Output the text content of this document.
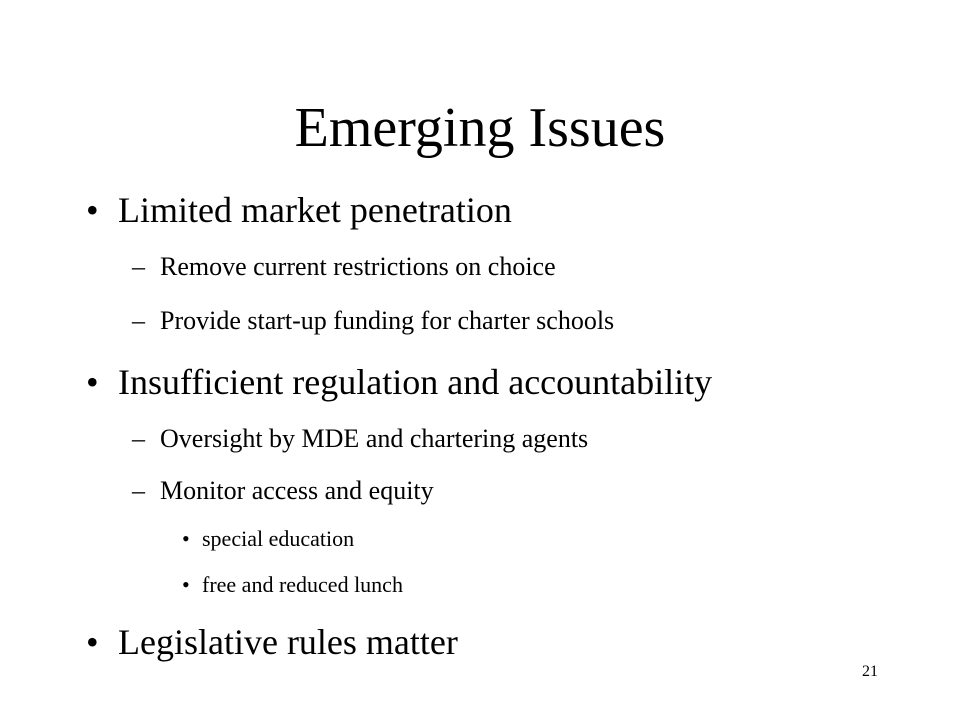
Emerging Issues
• Limited market penetration
– Remove current restrictions on choice
– Provide start-up funding for charter schools
• Insufficient regulation and accountability
– Oversight by MDE and chartering agents
– Monitor access and equity
• special education
• free and reduced lunch
• Legislative rules matter
21
